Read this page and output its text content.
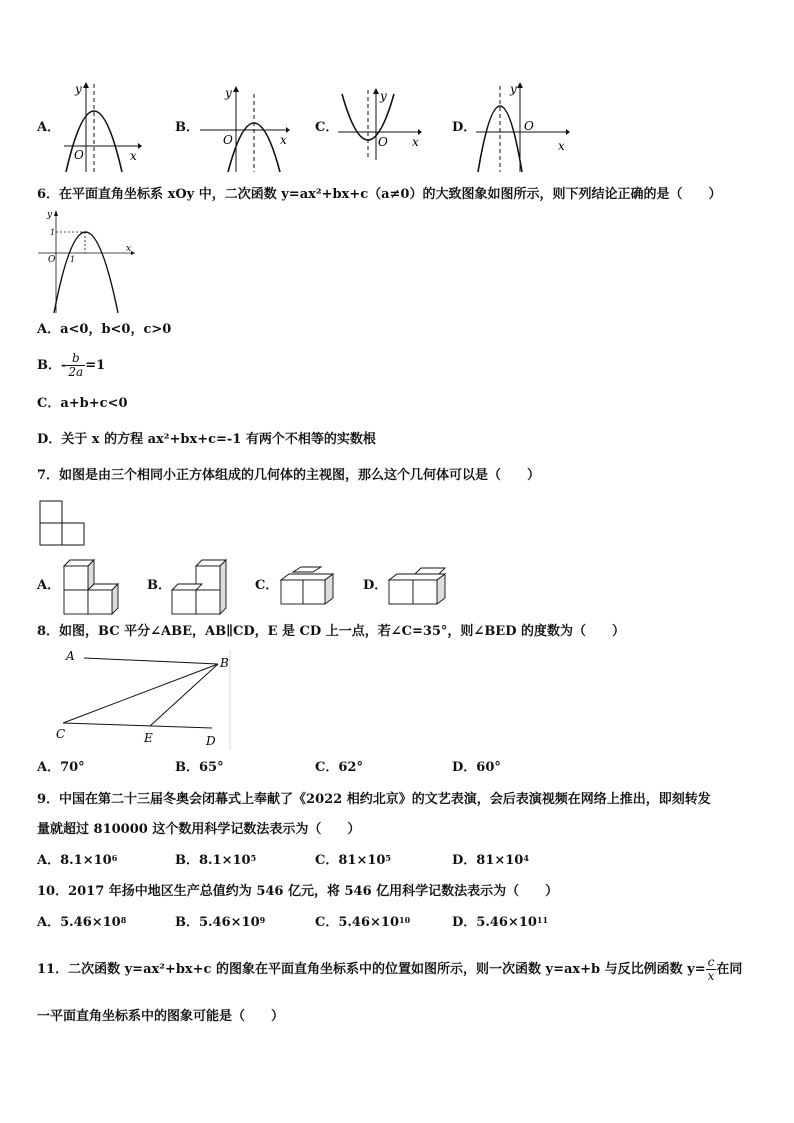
A．
y
x
O
B．
y
x
O
C．
y
x
O
D．
y
x
O
6．在平面直角坐标系 xOy 中，二次函数 y=ax²+bx+c（a≠0）的大致图象如图所示，则下列结论正确的是（　　）
y
x
O
1
1
A．a<0，b<0，c>0
B．- $\frac{b}{2a} =1$
C．a+b+c<0
D．关于 x 的方程 ax²+bx+c=-1 有两个不相等的实数根
7．如图是由三个相同小正方体组成的几何体的主视图，那么这个几何体可以是（　　）
A．	B．	C．	D．
8．如图，BC 平分∠ABE，AB∥CD，E 是 CD 上一点，若∠C=35°，则∠BED 的度数为（　　）
A	B
C	E	D
A．70°	B．65°	C．62°	D．60°
9．中国在第二十三届冬奥会闭幕式上奉献了《2022 相约北京》的文艺表演，会后表演视频在网络上推出，即刻转发
量就超过 810000 这个数用科学记数法表示为（　　）
A．$8.1\times 10^6$	B．$8.1\times 10^5$	C．$81\times 10^5$	D．$81\times 10^4$
10．2017 年扬中地区生产总值约为 546 亿元，将 546 亿用科学记数法表示为（　　）
A．$5.46\times 10^8$	B．$5.46\times 10^9$	C．$5.46\times 10^{10}$	D．$5.46\times 10^{11}$
11．二次函数 y=ax²+bx+c 的图象在平面直角坐标系中的位置如图所示，则一次函数 y=ax+b 与反比例函数 $y= \frac{c}{x}$ 在同
一平面直角坐标系中的图象可能是（　　）
